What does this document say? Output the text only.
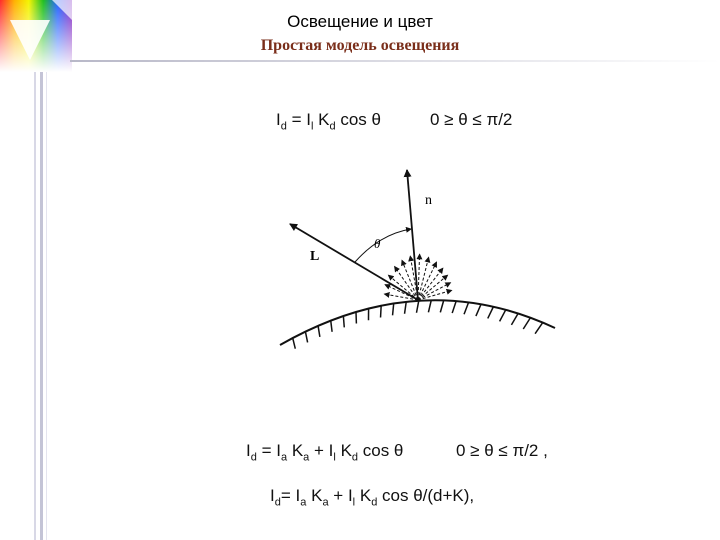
Освещение и цвет
Простая модель освещения
$I_d = I_l$ $K_d$ cos θ	0 ≥ θ ≤ π/2
n
L
θ
$I_d = I_a$ $K_a + I_l$ $K_d$ cos θ	0 ≥ θ ≤ π/2 ,
$I_d= I_a$ $K_a + I_l$ $K_d$ cos θ/(d+K),
